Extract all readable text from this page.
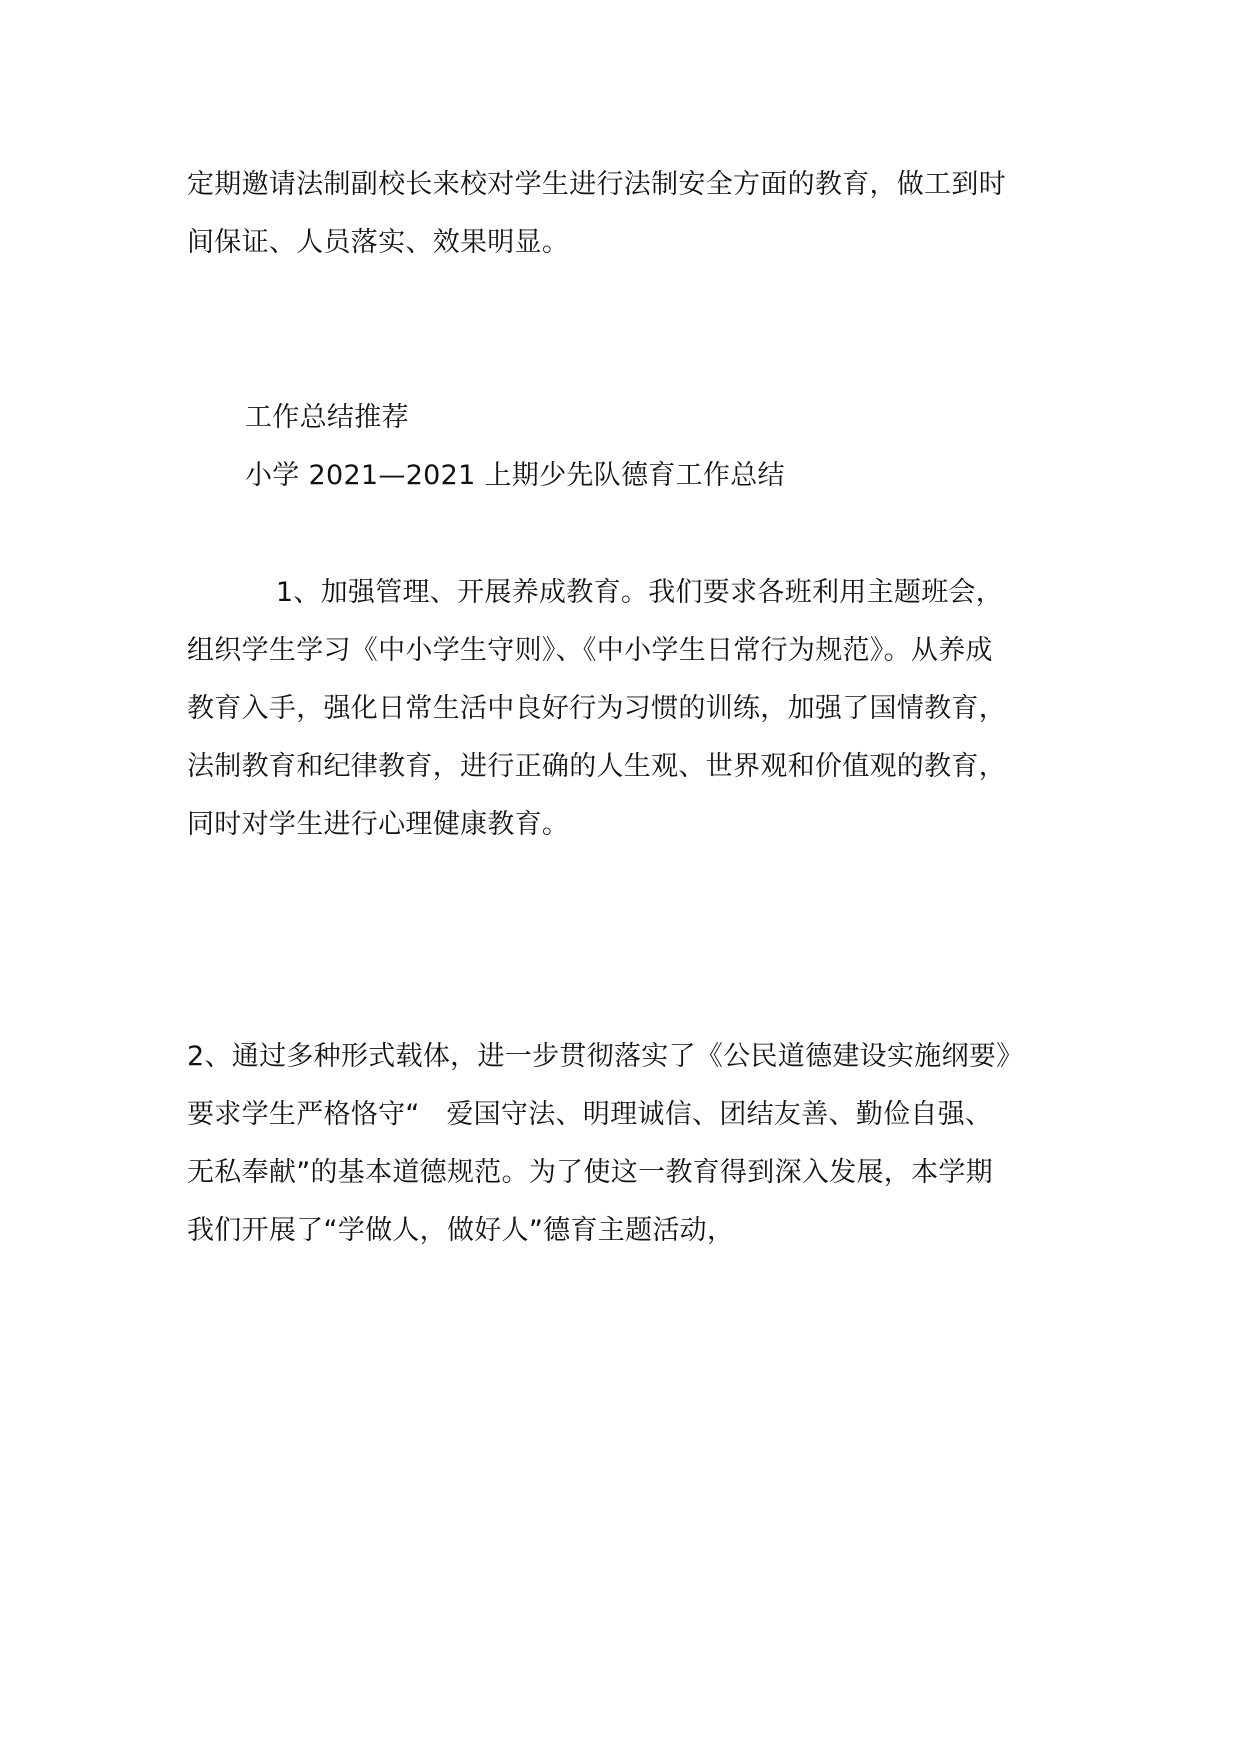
定期邀请法制副校长来校对学生进行法制安全方面的教育，做工到时
间保证、人员落实、效果明显。
工作总结推荐
小学 2021—2021 上期少先队德育工作总结
1、加强管理、开展养成教育。我们要求各班利用主题班会，
组织学生学习《中小学生守则》、《中小学生日常行为规范》。从养成
教育入手，强化日常生活中良好行为习惯的训练，加强了国情教育，
法制教育和纪律教育，进行正确的人生观、世界观和价值观的教育，
同时对学生进行心理健康教育。
2、通过多种形式载体，进一步贯彻落实了《公民道德建设实施纲要》
要求学生严格恪守“   爱国守法、明理诚信、团结友善、勤俭自强、
无私奉献”的基本道德规范。为了使这一教育得到深入发展，本学期
我们开展了“学做人，做好人”德育主题活动，
